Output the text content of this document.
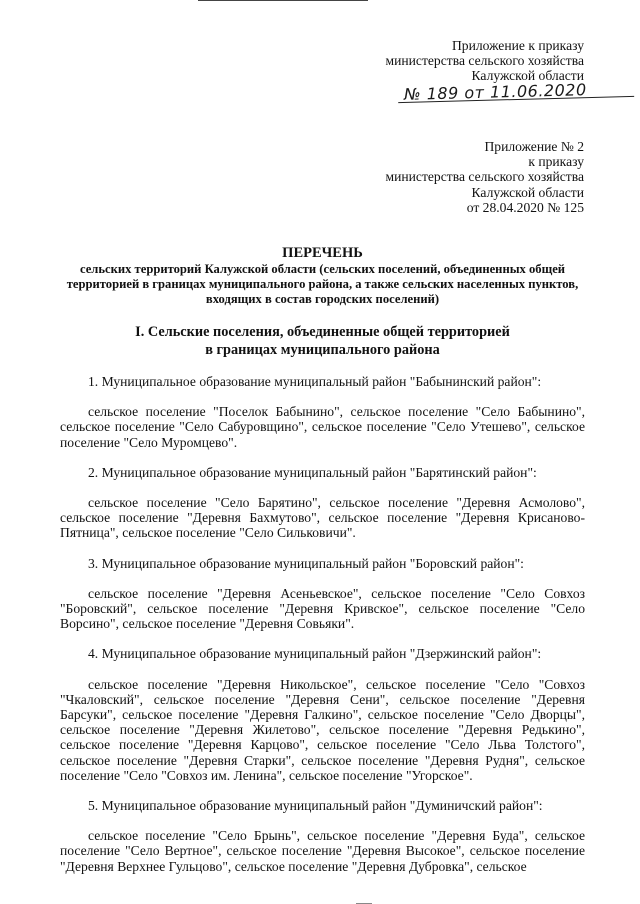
Приложение к приказу
министерства сельского хозяйства
Калужской области
№ 189 от 11.06.2020
Приложение № 2
к приказу
министерства сельского хозяйства
Калужской области
от 28.04.2020 № 125
ПЕРЕЧЕНЬ
сельских территорий Калужской области (сельских поселений, объединенных общей
территорией в границах муниципального района, а также сельских населенных пунктов,
входящих в состав городских поселений)
I. Сельские поселения, объединенные общей территорией
в границах муниципального района

1. Муниципальное образование муниципальный район "Бабынинский район":

сельское поселение "Поселок Бабынино", сельское поселение "Село Бабынино", сельское поселение "Село Сабуровщино", сельское поселение "Село Утешево", сельское поселение "Село Муромцево".

2. Муниципальное образование муниципальный район "Барятинский район":

сельское поселение "Село Барятино", сельское поселение "Деревня Асмолово", сельское поселение "Деревня Бахмутово", сельское поселение "Деревня Крисаново-Пятница", сельское поселение "Село Сильковичи".

3. Муниципальное образование муниципальный район "Боровский район":

сельское поселение "Деревня Асеньевское", сельское поселение "Село Совхоз "Боровский", сельское поселение "Деревня Кривское", сельское поселение "Село Ворсино", сельское поселение "Деревня Совьяки".

4. Муниципальное образование муниципальный район "Дзержинский район":

сельское поселение "Деревня Никольское", сельское поселение "Село "Совхоз "Чкаловский", сельское поселение "Деревня Сени", сельское поселение "Деревня Барсуки", сельское поселение "Деревня Галкино", сельское поселение "Село Дворцы", сельское поселение "Деревня Жилетово", сельское поселение "Деревня Редькино", сельское поселение "Деревня Карцово", сельское поселение "Село Льва Толстого", сельское поселение "Деревня Старки", сельское поселение "Деревня Рудня", сельское поселение "Село "Совхоз им. Ленина", сельское поселение "Угорское".

5. Муниципальное образование муниципальный район "Думиничский район":

сельское поселение "Село Брынь", сельское поселение "Деревня Буда", сельское поселение "Село Вертное", сельское поселение "Деревня Высокое", сельское поселение "Деревня Верхнее Гульцово", сельское поселение "Деревня Дубровка", сельское
